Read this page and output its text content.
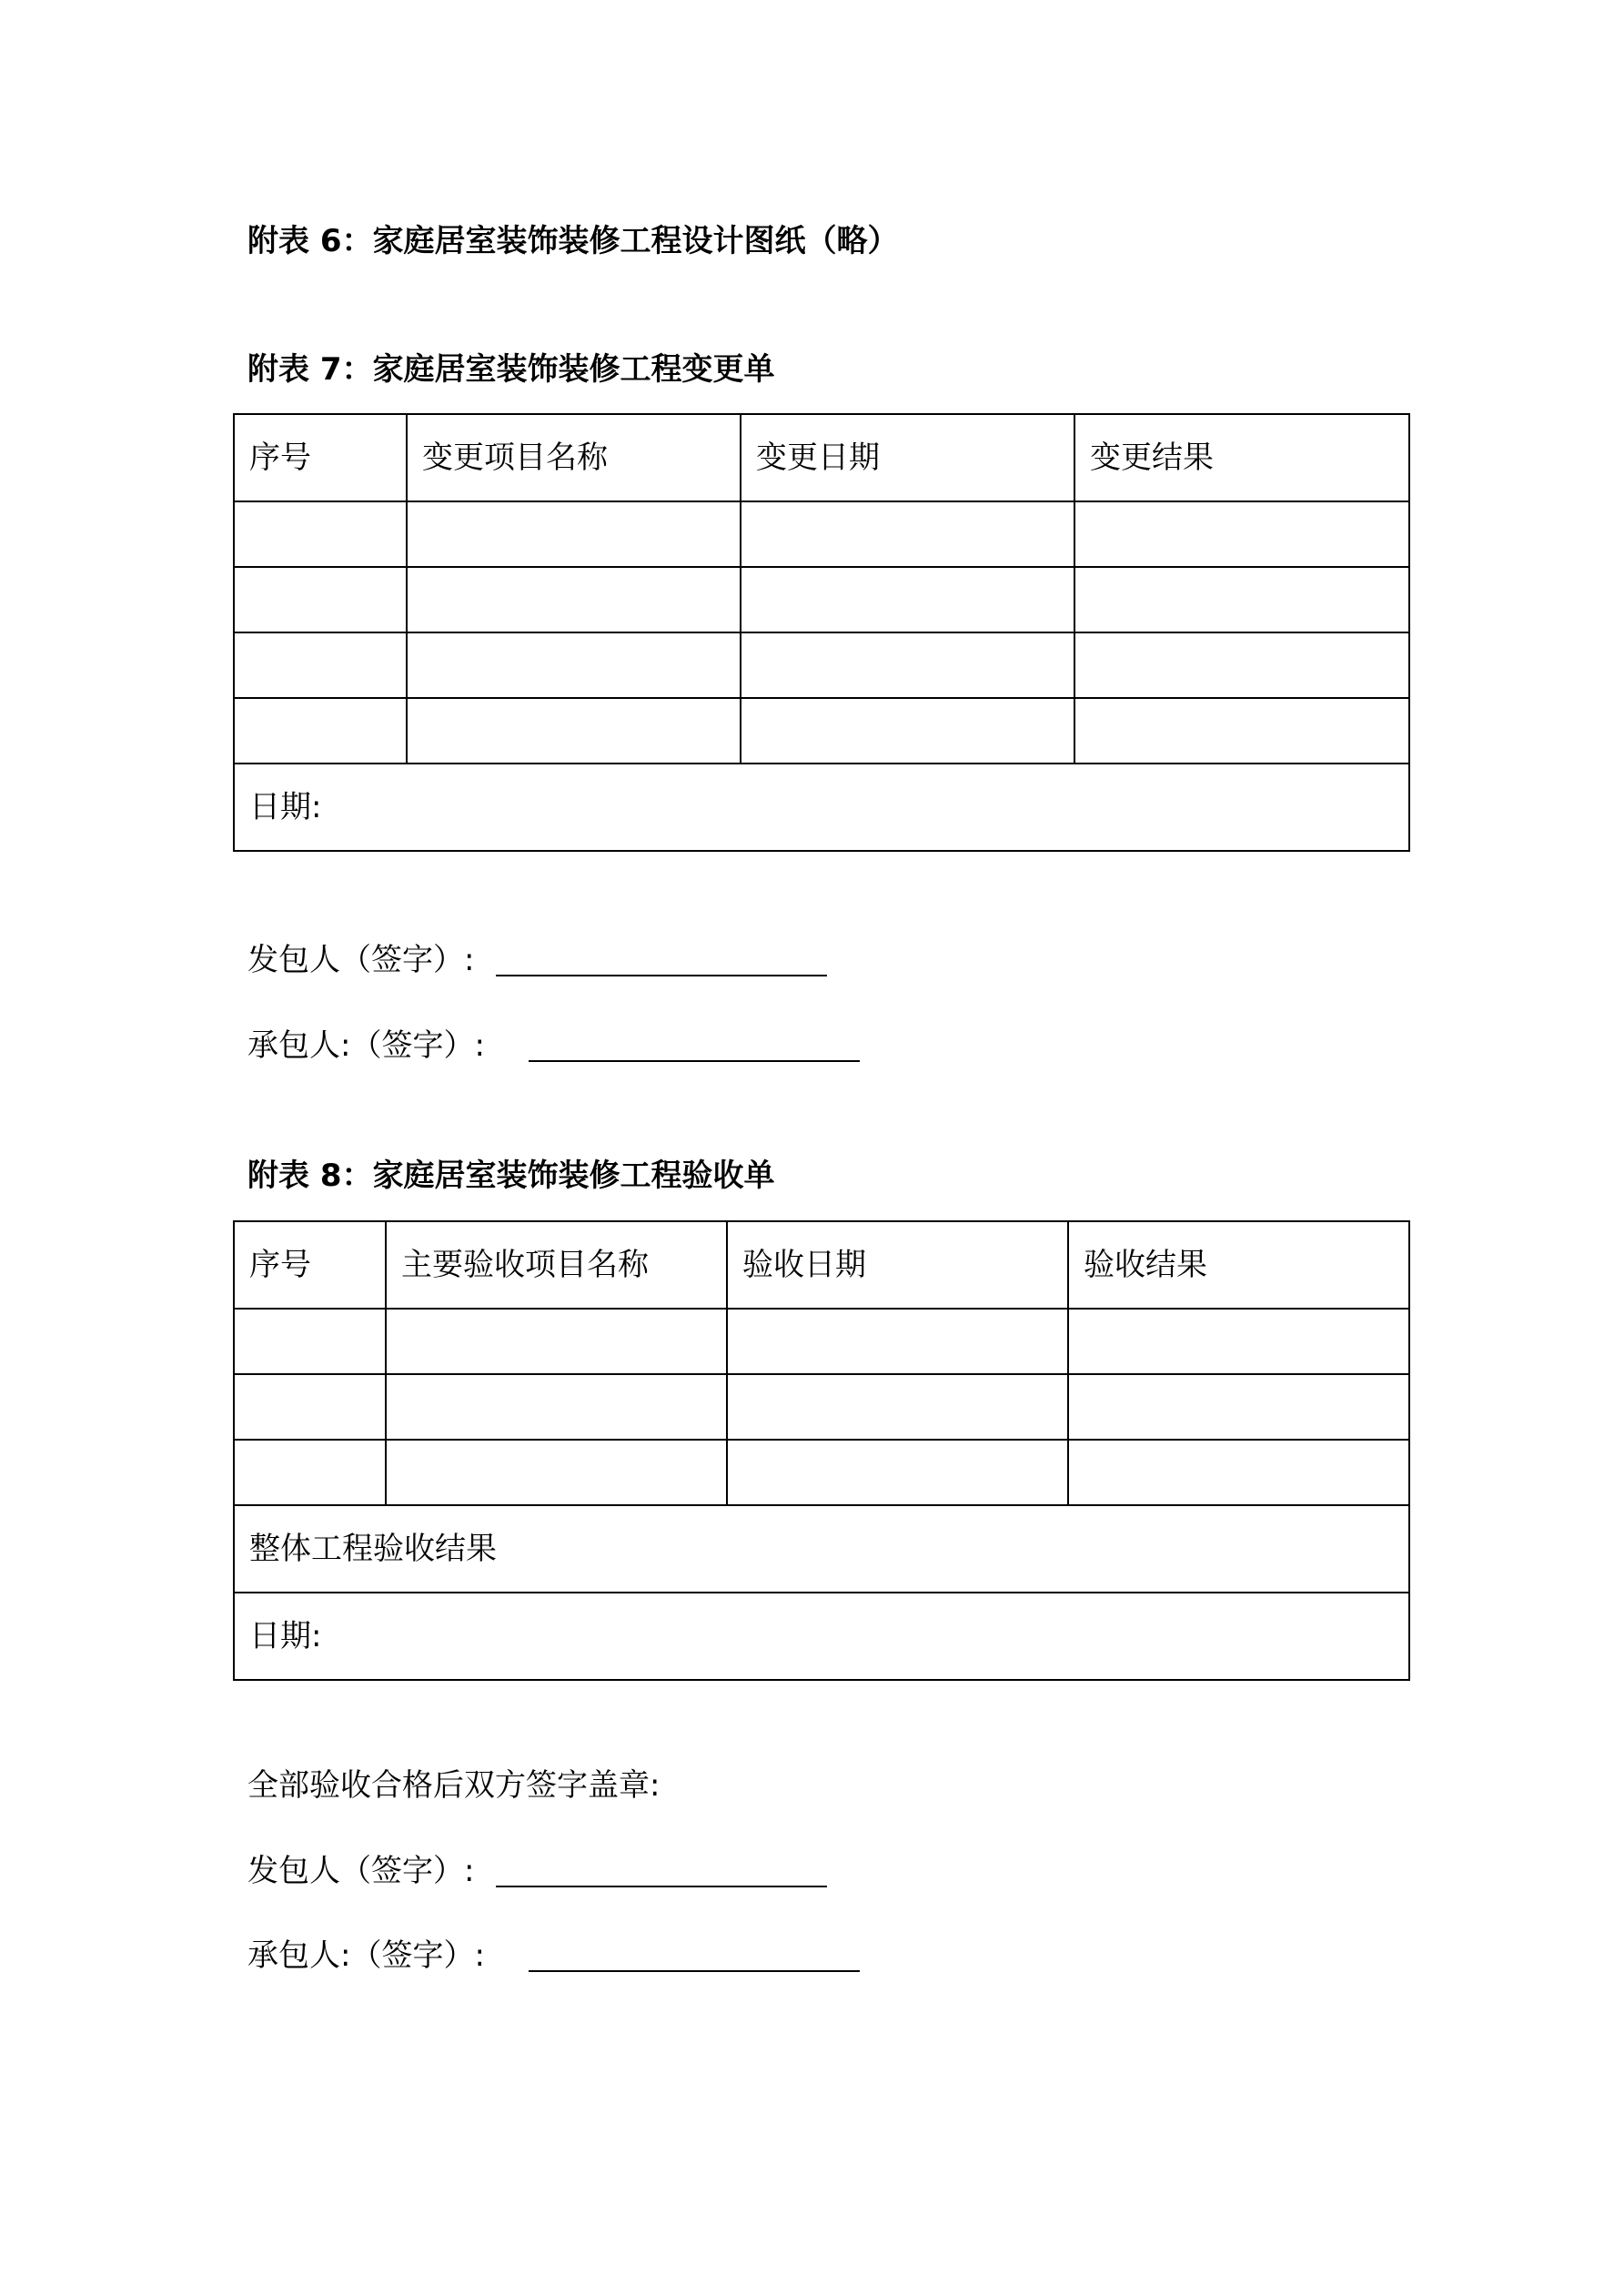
附表 6：家庭居室装饰装修工程设计图纸（略）
附表 7：家庭居室装饰装修工程变更单
序号	变更项目名称	变更日期	变更结果

日期:			
发包人（签字）:
承包人:（签字）:
附表 8：家庭居室装饰装修工程验收单
序号	主要验收项目名称	验收日期	验收结果

整体工程验收结果			
日期:			
全部验收合格后双方签字盖章:
发包人（签字）:
承包人:（签字）:
